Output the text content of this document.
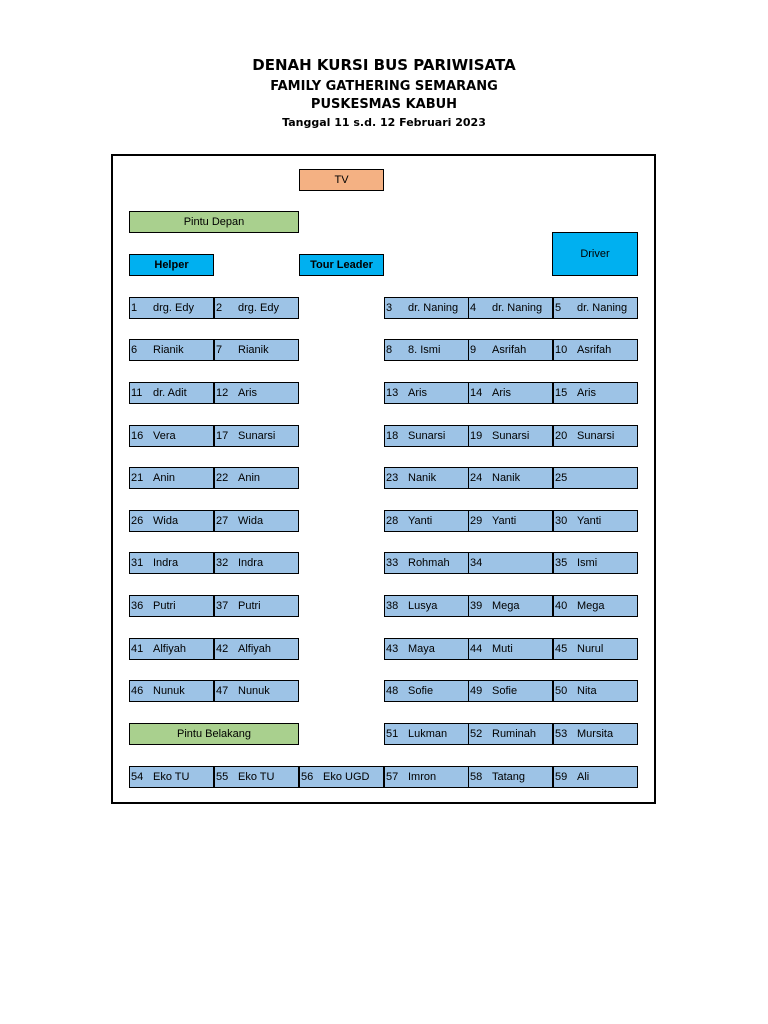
DENAH KURSI BUS PARIWISATA
FAMILY GATHERING SEMARANG
PUSKESMAS KABUH
Tanggal 11 s.d. 12 Februari 2023
TV
Pintu Depan
Helper	Tour Leader
Driver
Pintu Belakang
1 drg. Edy 2 drg. Edy	3 dr. Naning 4 dr. Naning 5 dr. Naning
6 Rianik	7 Rianik	8 8. Ismi	9 Asrifah	10 Asrifah
11 dr. Adit	12 Aris	13 Aris	14 Aris	15 Aris
16 Vera	17 Sunarsi	18 Sunarsi 19 Sunarsi 20 Sunarsi
21 Anin	22 Anin	23 Nanik	24 Nanik	25
26 Wida	27 Wida	28 Yanti	29 Yanti	30 Yanti
31 Indra	32 Indra	33 Rohmah 34	35 Ismi
36 Putri	37 Putri	38 Lusya	39 Mega	40 Mega
41 Alfiyah	42 Alfiyah	43 Maya	44 Muti	45 Nurul
46 Nunuk	47 Nunuk	48 Sofie	49 Sofie	50 Nita
51 Lukman 52 Ruminah 53 Mursita
54 Eko TU 55 Eko TU 56 Eko UGD 57 Imron	58 Tatang	59 Ali
